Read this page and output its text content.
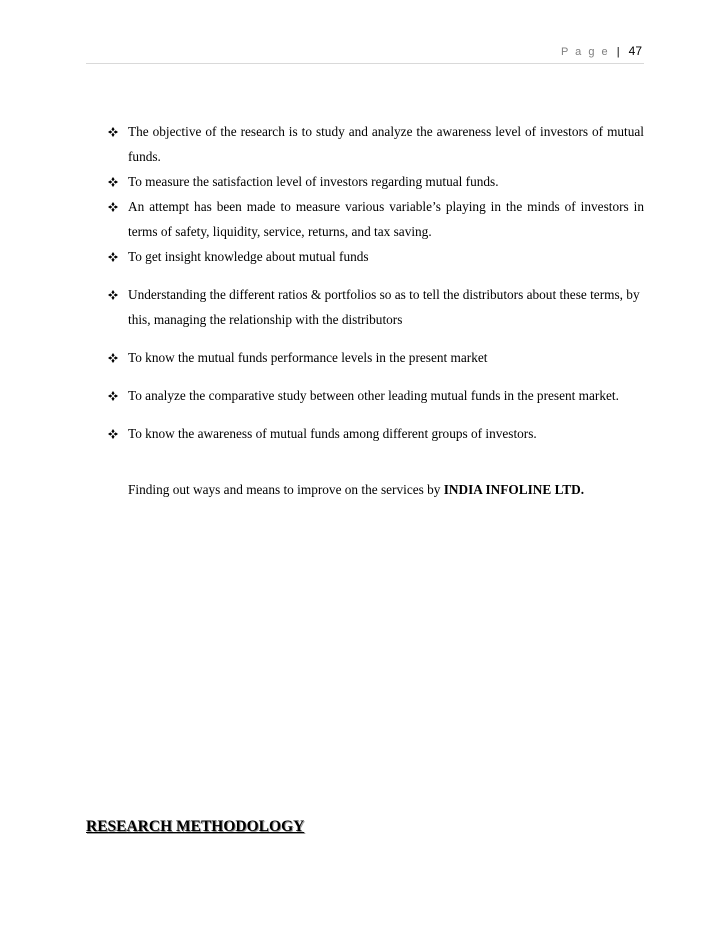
P a g e | 47
The objective of the research is to study and analyze the awareness level of investors of mutual funds.
To measure the satisfaction level of investors regarding mutual funds.
An attempt has been made to measure various variable’s playing in the minds of investors in terms of safety, liquidity, service, returns, and tax saving.
To get insight knowledge about mutual funds
Understanding the different ratios & portfolios so as to tell the distributors about these terms, by this, managing the relationship with the distributors
To know the mutual funds performance levels in the present market
To analyze the comparative study between other leading mutual funds in the present market.
To know the awareness of mutual funds among different groups of investors.

Finding out ways and means to improve on the services by INDIA INFOLINE LTD.

RESEARCH METHODOLOGY
